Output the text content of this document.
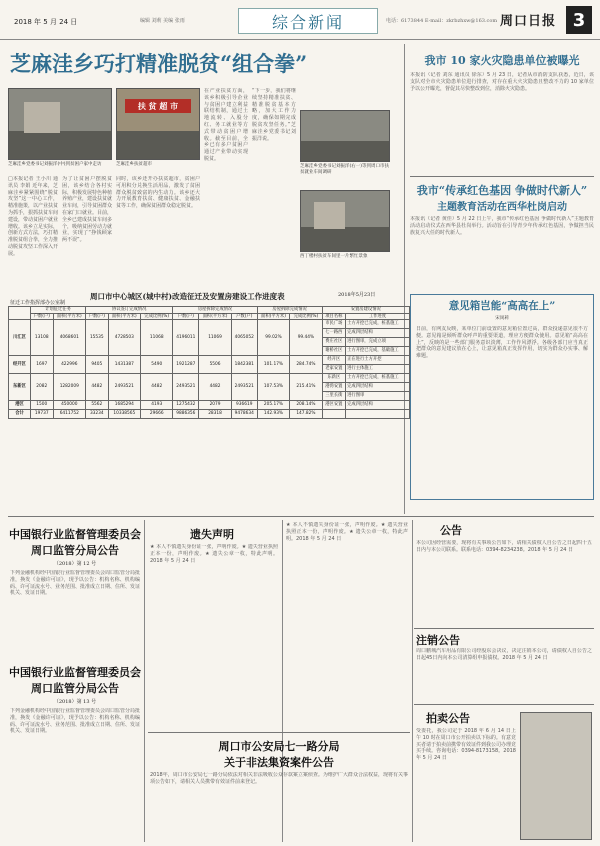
2018 年 5 月 24 日	编辑 刘莉 美编 张雨	综合新闻	电话：6173844 E-mail：zkrbzhxw@163.com 周口日报 3
芝麻洼乡巧打精准脱贫“组合拳”
芝麻洼乡党委书记刘振洋(中)到贫困户家中走访
扶 贫 超 市
芝麻洼乡扶贫超市	芝麻洼乡党委书记刘振洋(右一)等到周口市扶贫就业车间调研
西丁楼村扶贫车间里一片繁忙景象
□本报记者 王小川 通讯员 李娟 近年来，芝麻洼乡紧紧围绕“脱贫攻坚”这一中心工作，精准施策，以产业扶贫为抓手，狠抓扶贫车间建设，带动贫困户就业增收。该乡立足实际，创新方式方法，巧打精准脱贫组合拳，全力推动脱贫攻坚工作深入开展。
为了让贫困户摆脱贫困，该乡结合各村实际，积极发展特色种植养殖产业，建设扶贫就业车间，引导贫困群众在家门口就业。目前，全乡已建成扶贫车间多个，吸纳贫困劳动力就业，实现了“挣钱顾家两不误”。
同时，该乡还开办扶贫超市，贫困户可用积分兑换生活用品，激发了贫困群众脱贫致富的内生动力。该乡还大力开展教育扶贫、健康扶贫、金融扶贫等工作，确保贫困群众稳定脱贫。
在产业扶贫方面，该乡积极引导企业与贫困户建立利益联结机制，通过土地流转、入股分红、务工就业等方式带动贫困户增收。截至目前，全乡已有多户贫困户通过产业带动实现脱贫。
“下一步，我们将继续坚持精准扶贫、精准脱贫基本方略，加大工作力度，确保如期完成脱贫攻坚任务。”芝麻洼乡党委书记刘振洋说。
我市 10 家火灾隐患单位被曝光
本报讯（记者 刘东 通讯员 徐东）5 月 23 日，记者从市消防支队获悉，近日，该支队对全市火灾隐患单位进行排查，对存在重大火灾隐患且整改不力的 10 家单位予以公开曝光，督促其尽快整改到位，消除火灾隐患。
我市“传承红色基因 争做时代新人”
主题教育活动在西华杜岗启动
本报讯（记者 黄佳）5 月 22 日上午，我市“传承红色基因 争做时代新人”主题教育活动启动仪式在西华县杜岗举行。活动旨在引导青少年传承红色基因，争做担当民族复兴大任的时代新人。
意见箱岂能“高高在上”
宋岗莉
日前，有网友反映，某单位门前设置的意见箱位置过高，群众投递意见很不方便。意见箱是倾听群众呼声的重要渠道，理应方便群众使用。意见箱“高高在上”，反映的是一些部门服务意识淡薄，工作作风漂浮。各级各部门应当真正把群众的意见建议放在心上，让意见箱真正发挥作用，切实为群众办实事、解难题。
周口市中心城区(城中村)改造征迁及安置房建设工作进度表	2018年5月23日
征迁工作指挥部办公室制
	计划征迁任务		协议签订完成情况			房屋拆除完成情况			房屋拆除完成情况		安置房建设情况	
	户数(户)	面积(平方米)	户数(户)	面积(平方米)	完成比例(%)	户数(户)	面积(平方米)	户数(户)	面积(平方米)	完成比例(%)	项目名称	工作进度
川汇区	13108	4068601	15535	4728503	11068	4196011	11069	4065052	99.02%	99.44%	市民广场	土方开挖已完成，桩基施工
											七一路西	完成四层结构
											费庄社区	进行图审，完成立项
											谢桥社区	土方开挖已完成，基础施工
经开区	1697	422996	9405	1431387	5490	1921287	5506	1842381	101.17%	284.74%	经开区	正在进行土方开挖
											老家安置	进行主体施工
东新区	2082	1282009	4482	2493521	4482	2493521	4482	2493521	107.53%	215.41%	东新区	土方开挖已完成，桩基施工
											港湾安置	完成四层结构
											三里长街	进行图审
港区	1500	450000	5562	1685294	4193	1275432	2079	936619	205.17%	208.14%	港区安置	完成四层结构
合计	19737	6411752	33234	10338565	29666	9886356	28318	9478634	142.93%	147.82%		
中国银行业监督管理委员会
周口监管分局公告
（2018）第 12 号
下列金融机构经中国银行业监督管理委员会周口监管分局批准，换发《金融许可证》，现予以公告：机构名称、机构编码、许可证流水号、业务范围、批准成立日期、住所、发证机关、发证日期。
中国银行业监督管理委员会
周口监管分局公告
（2018）第 13 号
下列金融机构经中国银行业监督管理委员会周口监管分局批准，换发《金融许可证》，现予以公告：机构名称、机构编码、许可证流水号、业务范围、批准成立日期、住所、发证机关、发证日期。
遗失声明
★ 本人不慎遗失身份证一张，声明作废。★ 遗失营业执照正本一份，声明作废。★ 遗失公章一枚，特此声明。2018 年 5 月 24 日
★ 本人不慎遗失身份证一张，声明作废。★ 遗失营业执照正本一份，声明作废。★ 遗失公章一枚，特此声明。2018 年 5 月 24 日
周口市公安局七一路分局
关于非法集资案件公告
2018年，周口市公安局七一路分局依法对相关非法吸收公众存款案立案侦查。为维护广大群众合法权益，现将有关事项公告如下，请相关人员携带有效证件前来登记。
公告
本公司因经营需要，现将有关事项公告如下，请相关债权人自公告之日起四十五日内与本公司联系。联系电话：0394-8234238。2018 年 5 月 24 日
注销公告
周口鹏城汽车用品有限公司经股东会决议，决定注销本公司，请债权人自公告之日起45日内向本公司清算组申报债权。2018 年 5 月 24 日
拍卖公告
受委托，我公司定于 2018 年 6 月 14 日上午 10 时在周口市公开拍卖以下标的。有意竞买者请于拍卖前携带有效证件到我公司办理竞买手续。咨询电话：0394-8173158。2018 年 5 月 24 日
